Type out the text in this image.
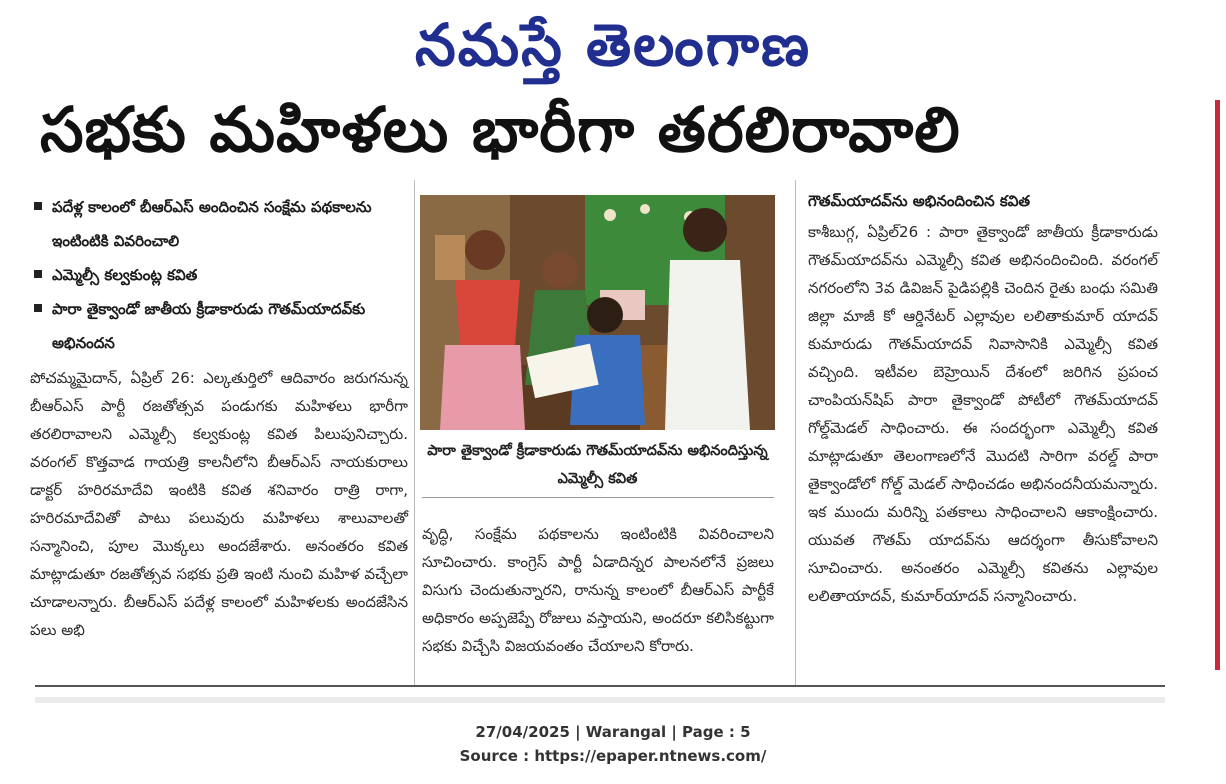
నమస్తే తెలంగాణ
సభకు మహిళలు భారీగా తరలిరావాలి
పదేళ్ల కాలంలో బీఆర్‌ఎస్‌ అందించిన సంక్షేమ పథకాలను ఇంటింటికి వివరించాలి
ఎమ్మెల్సీ కల్వకుంట్ల కవిత
పారా తైక్వాండో జాతీయ క్రీడాకారుడు గౌతమ్‌యాదవ్‌కు అభినందన

పోచమ్మమైదాన్‌, ఏప్రిల్‌ 26: ఎల్కతుర్తిలో ఆదివారం జరుగనున్న బీఆర్‌ఎస్‌ పార్టీ రజతోత్సవ పండుగకు మహిళలు భారీగా తరలిరావాలని ఎమ్మెల్సీ కల్వకుంట్ల కవిత పిలుపునిచ్చారు. వరంగల్‌ కొత్తవాడ గాయత్రి కాలనీలోని బీఆర్‌ఎస్‌ నాయకురాలు డాక్టర్‌ హరిరమాదేవి ఇంటికి కవిత శనివారం రాత్రి రాగా, హరిరమాదేవితో పాటు పలువురు మహిళలు శాలువాలతో సన్మానించి, పూల మొక్కలు అందజేశారు. అనంతరం కవిత మాట్లాడుతూ రజతోత్సవ సభకు ప్రతి ఇంటి నుంచి మహిళ వచ్చేలా చూడాలన్నారు. బీఆర్‌ఎస్‌ పదేళ్ల కాలంలో మహిళలకు అందజేసిన పలు అభి

పారా తైక్వాండో క్రీడాకారుడు గౌతమ్‌యాదవ్‌ను అభినందిస్తున్న ఎమ్మెల్సీ కవిత

వృద్ధి, సంక్షేమ పథకాలను ఇంటింటికి వివరించాలని సూచించారు. కాంగ్రెస్‌ పార్టీ ఏడాదిన్నర పాలనలోనే ప్రజలు విసుగు చెందుతున్నారని, రానున్న కాలంలో బీఆర్‌ఎస్‌ పార్టీకే అధికారం అప్పజెప్పే రోజులు వస్తాయని, అందరూ కలిసికట్టుగా సభకు విచ్చేసి విజయవంతం చేయాలని కోరారు.

గౌతమ్‌యాదవ్‌ను అభినందించిన కవిత

కాశీబుగ్గ, ఏప్రిల్‌26 : పారా తైక్వాండో జాతీయ క్రీడాకారుడు గౌతమ్‌యాదవ్‌ను ఎమ్మెల్సీ కవిత అభినందించింది. వరంగల్‌ నగరంలోని 3వ డివిజన్‌ పైడిపల్లికి చెందిన రైతు బంధు సమితి జిల్లా మాజీ కో ఆర్డినేటర్‌ ఎల్లావుల లలితాకుమార్‌ యాదవ్‌ కుమారుడు గౌతమ్‌యాదవ్‌ నివాసానికి ఎమ్మెల్సీ కవిత వచ్చింది. ఇటీవల బెహ్రెయిన్‌ దేశంలో జరిగిన ప్రపంచ చాంపియన్‌షిప్‌ పారా తైక్వాండో పోటీలో గౌతమ్‌యాదవ్‌ గోల్డ్‌మెడల్‌ సాధించారు. ఈ సందర్భంగా ఎమ్మెల్సీ కవిత మాట్లాడుతూ తెలంగాణలోనే మొదటి సారిగా వరల్డ్‌ పారా తైక్వాండోలో గోల్డ్‌ మెడల్‌ సాధించడం అభినందనీయమన్నారు. ఇక ముందు మరిన్ని పతకాలు సాధించాలని ఆకాంక్షించారు. యువత గౌతమ్‌ యాదవ్‌ను ఆదర్శంగా తీసుకోవాలని సూచించారు. అనంతరం ఎమ్మెల్సీ కవితను ఎల్లావుల లలితాయాదవ్‌, కుమార్‌యాదవ్‌ సన్మానించారు.

27/04/2025 | Warangal | Page : 5
Source : https://epaper.ntnews.com/
